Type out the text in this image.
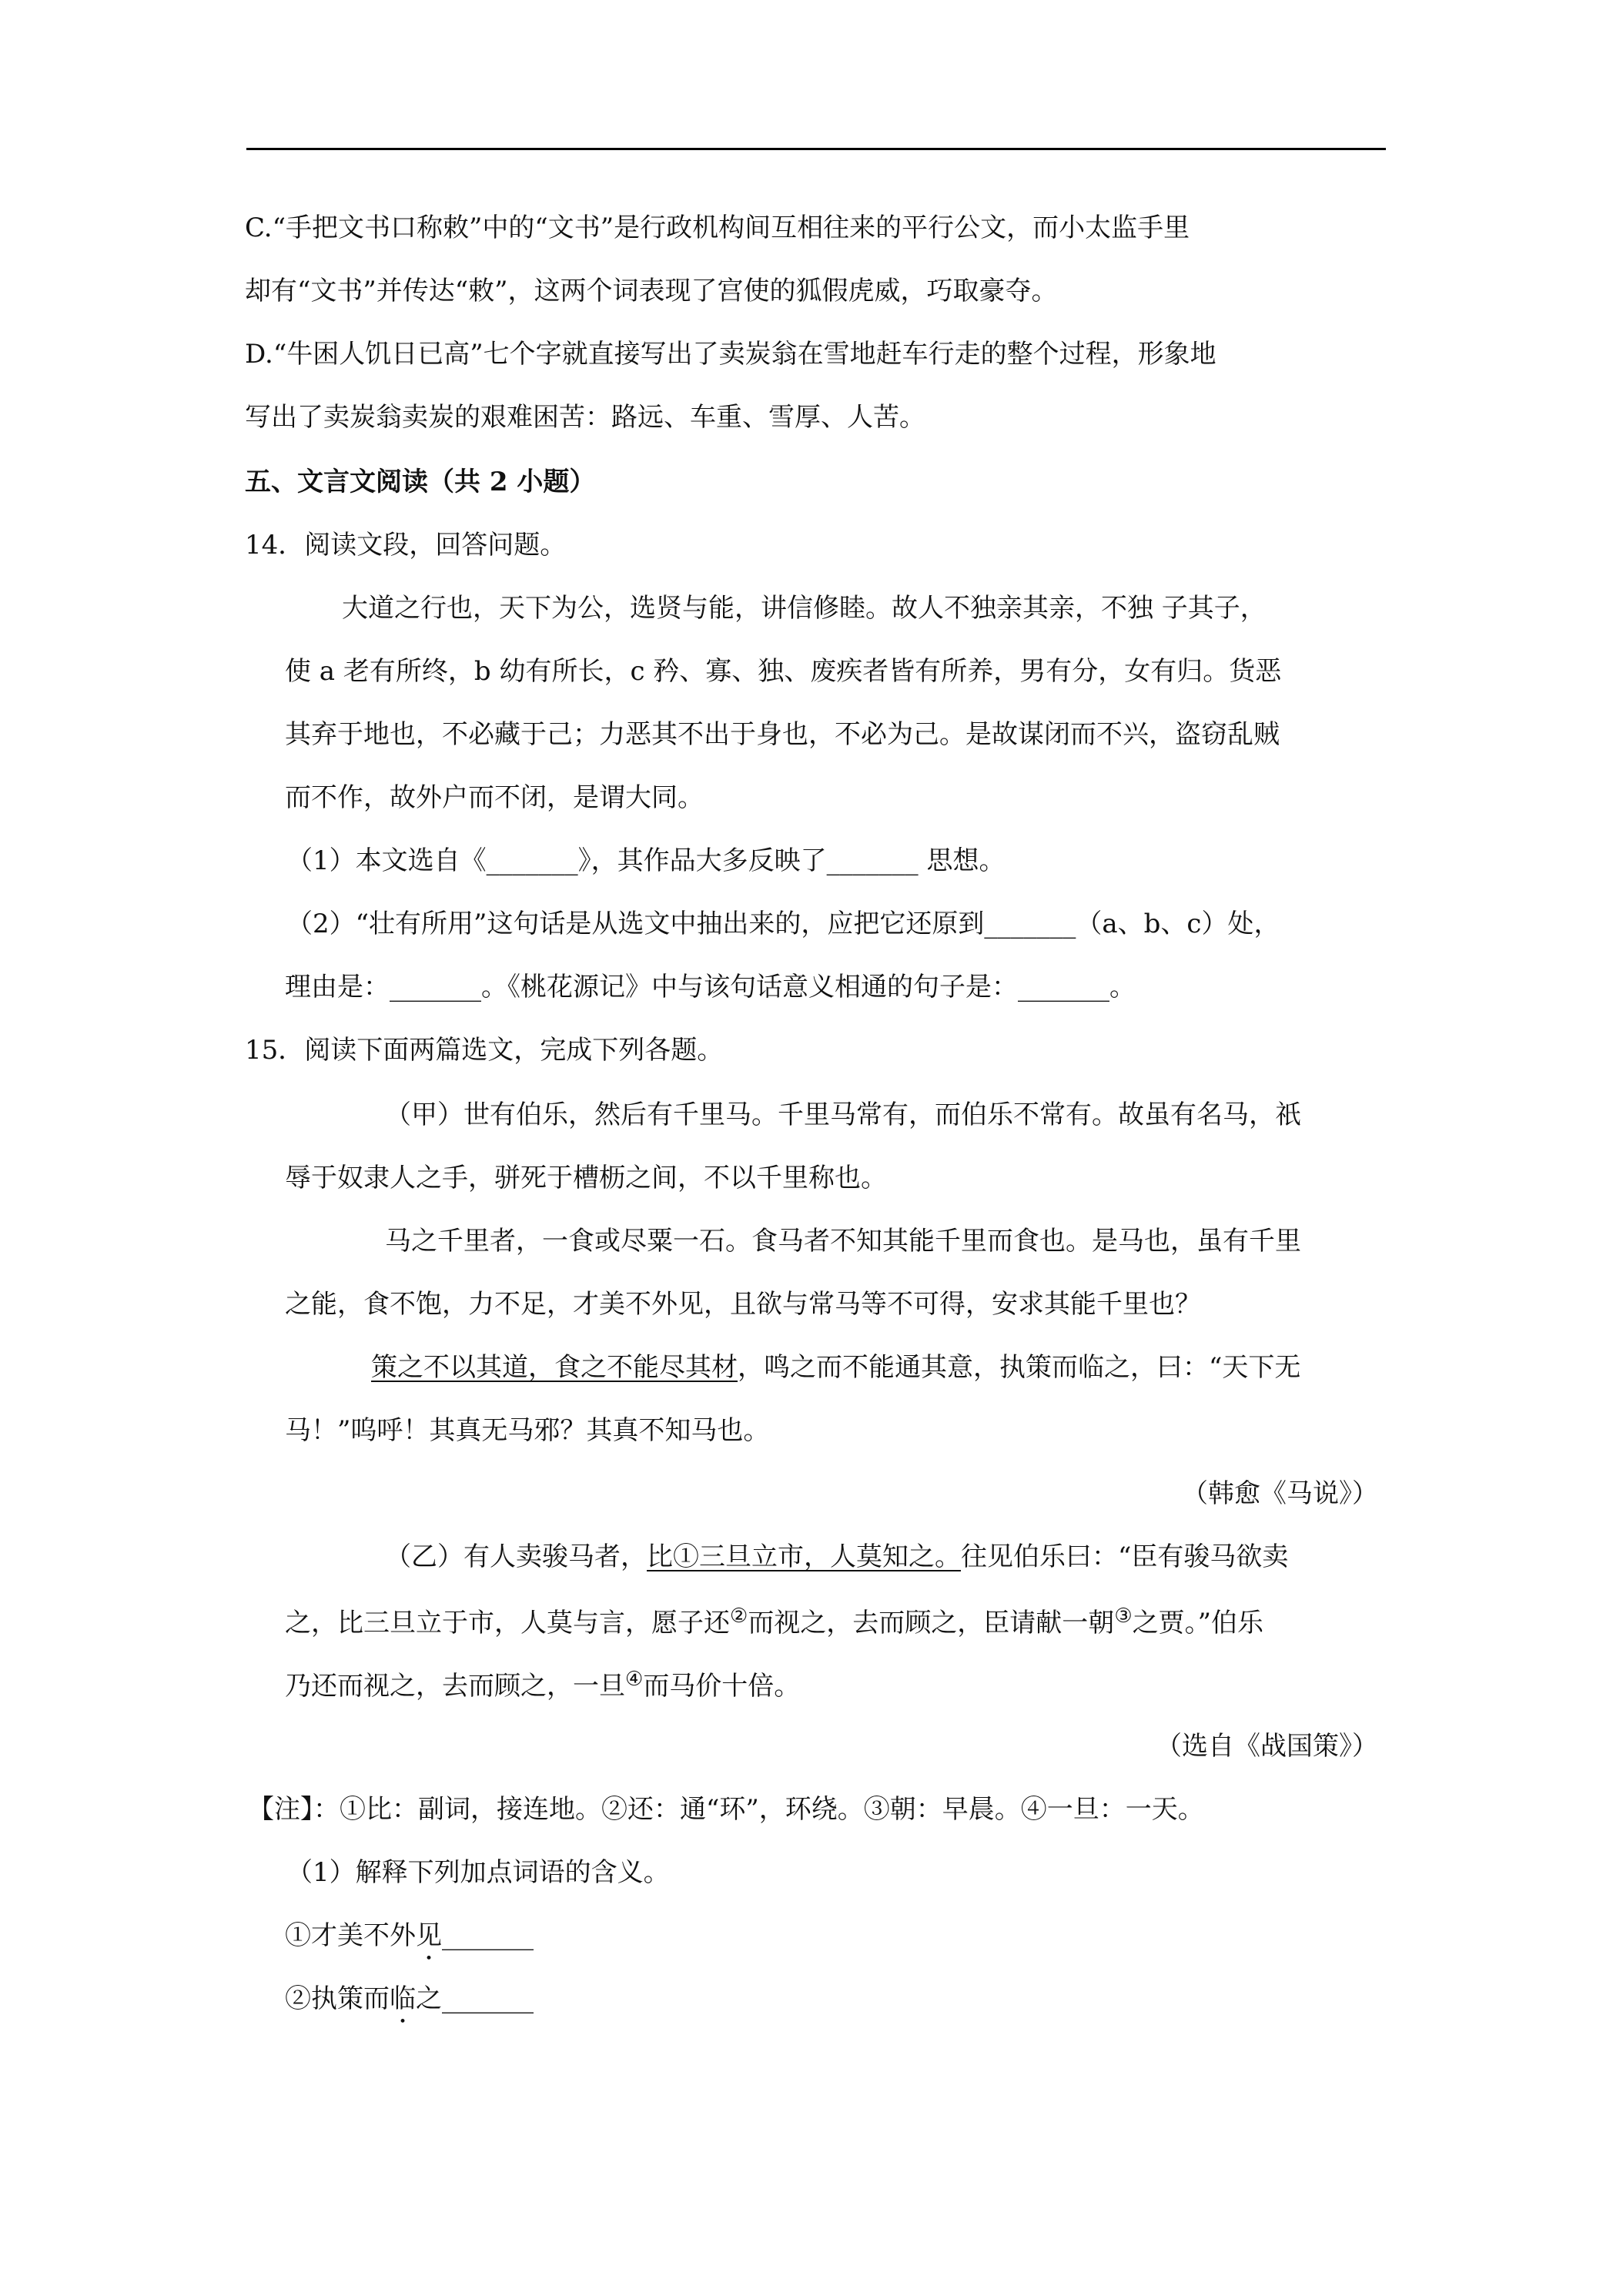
C.“手把文书口称敕”中的“文书”是行政机构间互相往来的平行公文，而小太监手里
却有“文书”并传达“敕”，这两个词表现了宫使的狐假虎威，巧取豪夺。
D.“牛困人饥日已高”七个字就直接写出了卖炭翁在雪地赶车行走的整个过程，形象地
写出了卖炭翁卖炭的艰难困苦：路远、车重、雪厚、人苦。
五、文言文阅读（共 2 小题）
14．阅读文段，回答问题。
大道之行也，天下为公，选贤与能，讲信修睦。故人不独亲其亲，不独 子其子，
使 a 老有所终，b 幼有所长，c 矜、寡、独、废疾者皆有所养，男有分，女有归。货恶
其弃于地也，不必藏于己；力恶其不出于身也，不必为己。是故谋闭而不兴，盗窃乱贼
而不作，故外户而不闭，是谓大同。
（1）本文选自《_______》，其作品大多反映了_______ 思想。
（2）“壮有所用”这句话是从选文中抽出来的，应把它还原到_______（a、b、c）处，
理由是：_______。《桃花源记》中与该句话意义相通的句子是：_______。
15．阅读下面两篇选文，完成下列各题。
（甲）世有伯乐，然后有千里马。千里马常有，而伯乐不常有。故虽有名马，祇
辱于奴隶人之手，骈死于槽枥之间，不以千里称也。
马之千里者，一食或尽粟一石。食马者不知其能千里而食也。是马也，虽有千里
之能，食不饱，力不足，才美不外见，且欲与常马等不可得，安求其能千里也？
策之不以其道，食之不能尽其材，鸣之而不能通其意，执策而临之，曰：“天下无
马！”呜呼！其真无马邪？其真不知马也。
（韩愈《马说》）
（乙）有人卖骏马者，比①三旦立市，人莫知之。往见伯乐曰：“臣有骏马欲卖
之，比三旦立于市，人莫与言，愿子还②而视之，去而顾之，臣请献一朝③之贾。”伯乐
乃还而视之，去而顾之，一旦④而马价十倍。
（选自《战国策》）
【注】：①比：副词，接连地。②还：通“环”，环绕。③朝：早晨。④一旦：一天。
（1）解释下列加点词语的含义。
①才美不外见_______
②执策而临之_______
